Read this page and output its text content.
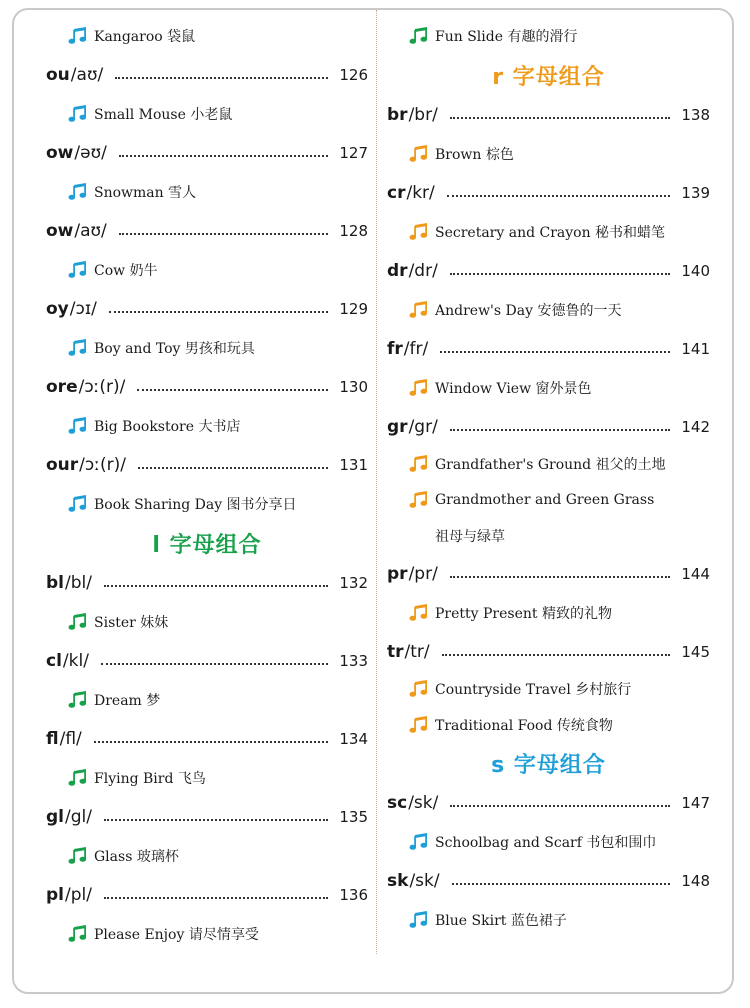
Kangaroo 袋鼠
ou /aʊ/	126
Small Mouse 小老鼠
ow /əʊ/	127
Snowman 雪人
ow /aʊ/	128
Cow 奶牛
oy /ɔɪ/	129
Boy and Toy 男孩和玩具
ore /ɔː(r)/	130
Big Bookstore 大书店
our /ɔː(r)/	131
Book Sharing Day 图书分享日
l 字母组合
bl /bl/	132
Sister 妹妹
cl /kl/	133
Dream 梦
fl /fl/	134
Flying Bird 飞鸟
gl /gl/	135
Glass 玻璃杯
pl /pl/	136
Please Enjoy 请尽情享受
Fun Slide 有趣的滑行
r 字母组合
br /br/	138
Brown 棕色
cr /kr/	139
Secretary and Crayon 秘书和蜡笔
dr /dr/	140
Andrew's Day 安德鲁的一天
fr /fr/	141
Window View 窗外景色
gr /gr/	142
Grandfather's Ground 祖父的土地
Grandmother and Green Grass
祖母与绿草
pr /pr/	144
Pretty Present 精致的礼物
tr /tr/	145
Countryside Travel 乡村旅行
Traditional Food 传统食物
s 字母组合
sc /sk/	147
Schoolbag and Scarf 书包和围巾
sk /sk/	148
Blue Skirt 蓝色裙子
